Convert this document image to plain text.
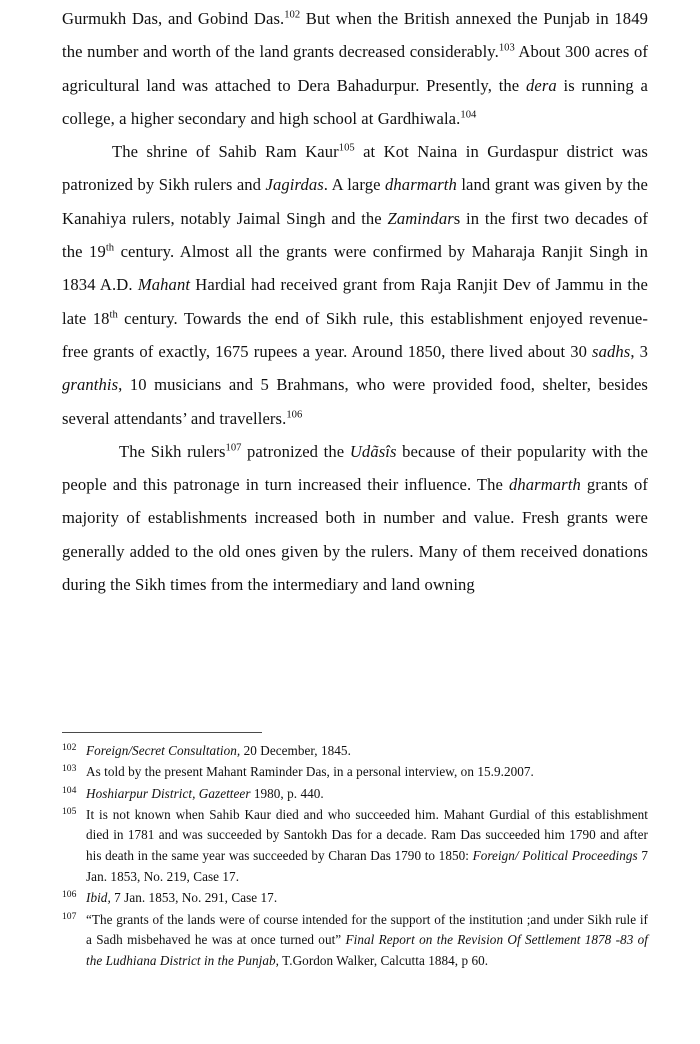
Gurmukh Das, and Gobind Das.$^{102}$ But when the British annexed the Punjab in 1849 the number and worth of the land grants decreased considerably.$^{103}$ About 300 acres of agricultural land was attached to Dera Bahadurpur. Presently, the dera is running a college, a higher secondary and high school at Gardhiwala.$^{104}$

The shrine of Sahib Ram Kaur$^{105}$ at Kot Naina in Gurdaspur district was patronized by Sikh rulers and Jagirdas. A large dharmarth land grant was given by the Kanahiya rulers, notably Jaimal Singh and the Zamindars in the first two decades of the 19th century. Almost all the grants were confirmed by Maharaja Ranjit Singh in 1834 A.D. Mahant Hardial had received grant from Raja Ranjit Dev of Jammu in the late 18th century. Towards the end of Sikh rule, this establishment enjoyed revenue-free grants of exactly, 1675 rupees a year. Around 1850, there lived about 30 sadhs, 3 granthis, 10 musicians and 5 Brahmans, who were provided food, shelter, besides several attendants’ and travellers.$^{106}$

The Sikh rulers$^{107}$ patronized the Udãsîs because of their popularity with the people and this patronage in turn increased their influence. The dharmarth grants of majority of establishments increased both in number and value. Fresh grants were generally added to the old ones given by the rulers. Many of them received donations during the Sikh times from the intermediary and land owning

102 Foreign/Secret Consultation, 20 December, 1845.
103 As told by the present Mahant Raminder Das, in a personal interview, on 15.9.2007.
104 Hoshiarpur District, Gazetteer 1980, p. 440.
105 It is not known when Sahib Kaur died and who succeeded him. Mahant Gurdial of this establishment died in 1781 and was succeeded by Santokh Das for a decade. Ram Das succeeded him 1790 and after his death in the same year was succeeded by Charan Das 1790 to 1850: Foreign/ Political Proceedings 7 Jan. 1853, No. 219, Case 17.
106 Ibid, 7 Jan. 1853, No. 291, Case 17.
107 “The grants of the lands were of course intended for the support of the institution ;and under Sikh rule if a Sadh misbehaved he was at once turned out” Final Report on the Revision Of Settlement 1878 -83 of the Ludhiana District in the Punjab, T.Gordon Walker, Calcutta 1884, p 60.
